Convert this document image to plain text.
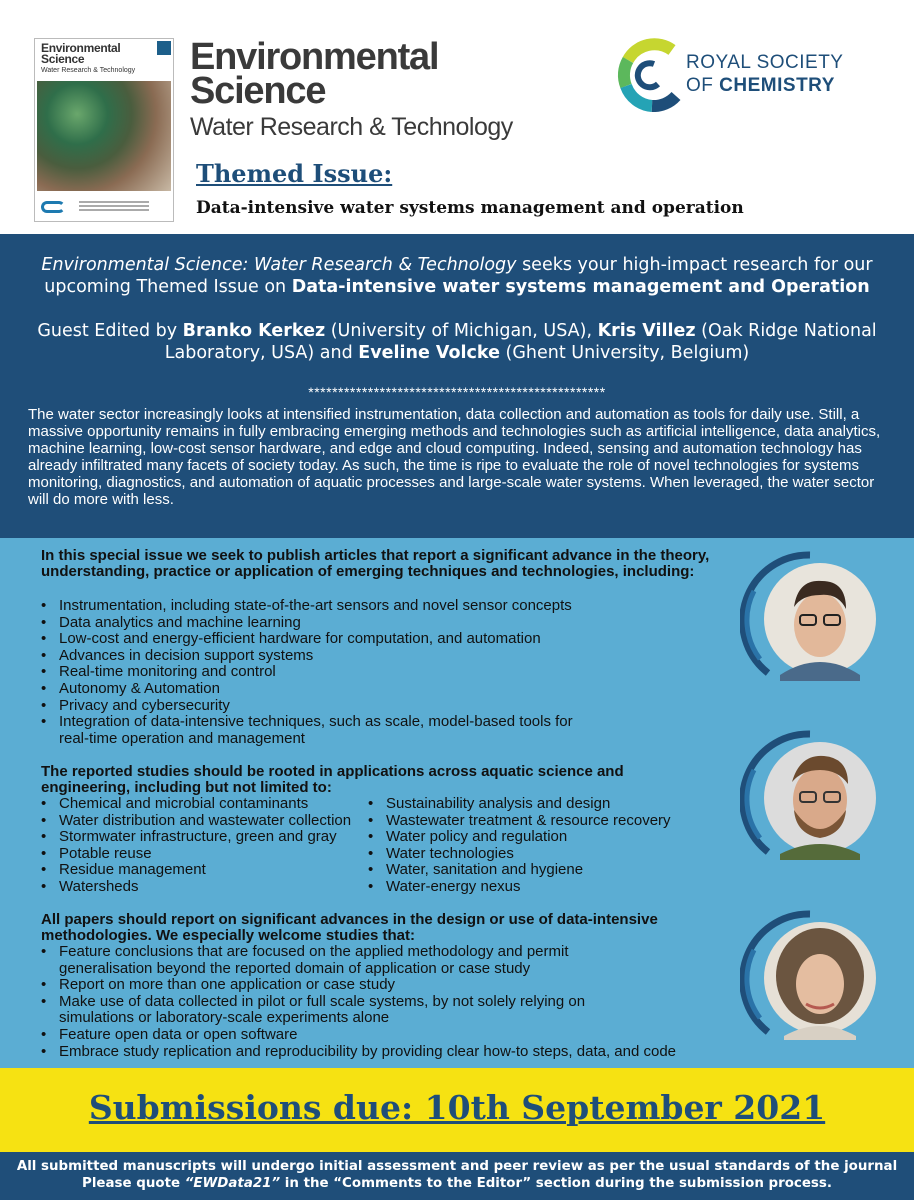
Environmental
Science
Water Research & Technology Environmental
Science
Water Research & Technology
ROYAL SOCIETY
OF CHEMISTRY
Themed Issue:
Data-intensive water systems management and operation
Environmental Science: Water Research & Technology seeks your high-impact research for our upcoming Themed Issue on Data-intensive water systems management and Operation
Guest Edited by Branko Kerkez (University of Michigan, USA), Kris Villez (Oak Ridge National Laboratory, USA) and Eveline Volcke (Ghent University, Belgium)
**************************************************
The water sector increasingly looks at intensified instrumentation, data collection and automation as tools for daily use. Still, a massive opportunity remains in fully embracing emerging methods and technologies such as artificial intelligence, data analytics, machine learning, low-cost sensor hardware, and edge and cloud computing. Indeed, sensing and automation technology has already infiltrated many facets of society today. As such, the time is ripe to evaluate the role of novel technologies for systems monitoring, diagnostics, and automation of aquatic processes and large-scale water systems. When leveraged, the water sector will do more with less.
In this special issue we seek to publish articles that report a significant advance in the theory, understanding, practice or application of emerging techniques and technologies, including:
• Instrumentation, including state-of-the-art sensors and novel sensor concepts
• Data analytics and machine learning
• Low-cost and energy-efficient hardware for computation, and automation
• Advances in decision support systems
• Real-time monitoring and control
• Autonomy & Automation
• Privacy and cybersecurity
• Integration of data-intensive techniques, such as scale, model-based tools for real-time operation and management
The reported studies should be rooted in applications across aquatic science and engineering, including but not limited to:
• Chemical and microbial contaminants
• Water distribution and wastewater collection
• Stormwater infrastructure, green and gray
• Potable reuse
• Residue management
• Watersheds
• Sustainability analysis and design
• Wastewater treatment & resource recovery
• Water policy and regulation
• Water technologies
• Water, sanitation and hygiene
• Water-energy nexus
All papers should report on significant advances in the design or use of data-intensive methodologies. We especially welcome studies that:
• Feature conclusions that are focused on the applied methodology and permit generalisation beyond the reported domain of application or case study
• Report on more than one application or case study
• Make use of data collected in pilot or full scale systems, by not solely relying on simulations or laboratory-scale experiments alone
• Feature open data or open software
• Embrace study replication and reproducibility by providing clear how-to steps, data, and code
Submissions due: 10th September 2021
All submitted manuscripts will undergo initial assessment and peer review as per the usual standards of the journal
Please quote “EWData21” in the “Comments to the Editor” section during the submission process.
